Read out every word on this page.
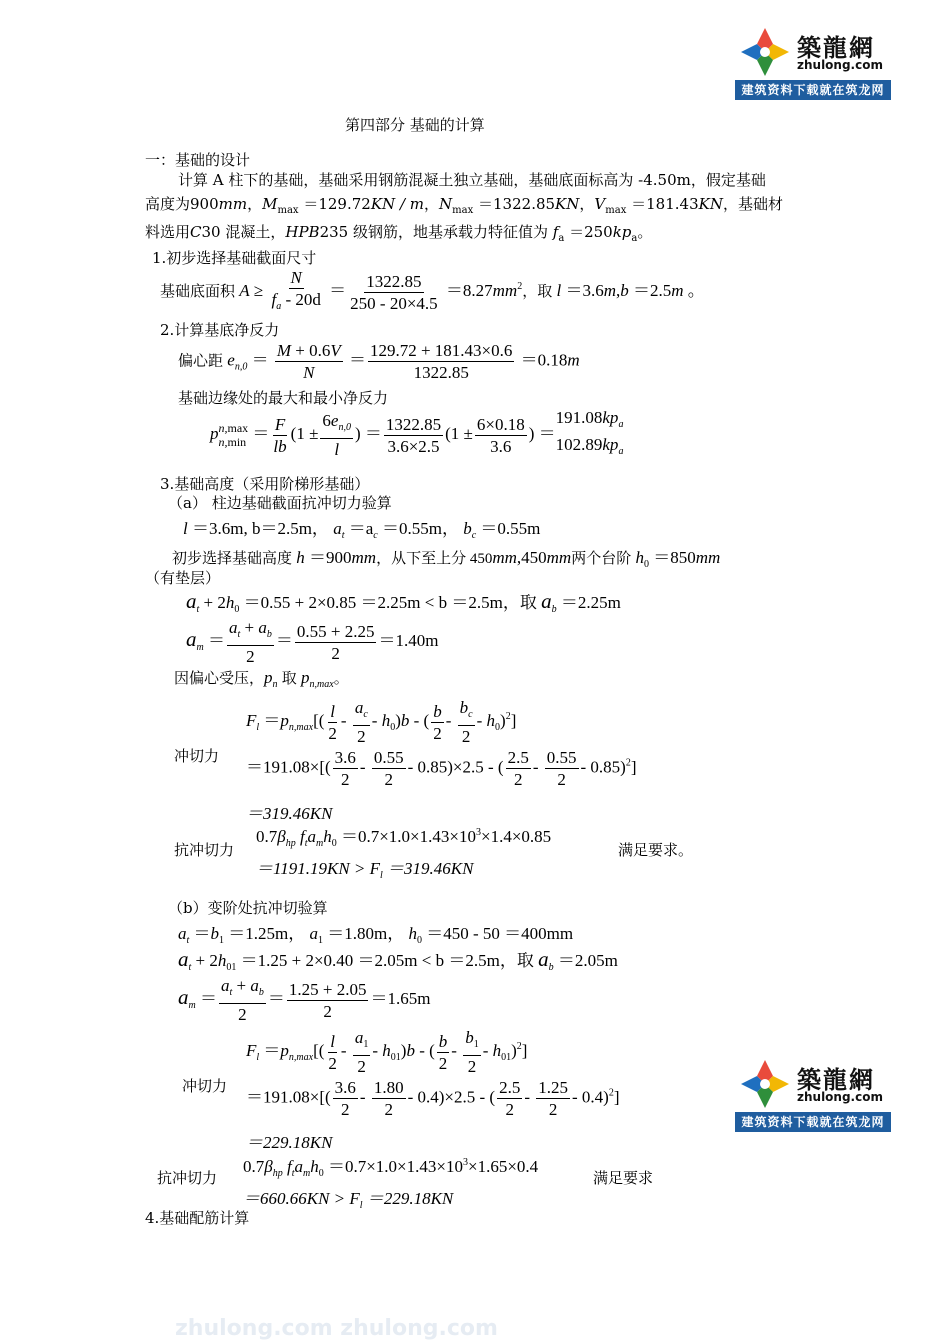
築龍網
zhulong.com
建筑资料下载就在筑龙网
第四部分 基础的计算
一：基础的设计
计算 A 柱下的基础，基础采用钢筋混凝土独立基础，基础底面标高为 -4.50m，假定基础
高度为900mm，$M_{max} =129.72KN / m$，$N_{max} =1322.85KN$，$V_{max} =181.43KN$，基础材
料选用C30 混凝土，HPB235 级钢筋，地基承载力特征值为 $f_a =250kp_a$。
1.初步选择基础截面尺寸
基础底面积 $A \ge \frac{N}{f_a - 20d} = \frac{1322.85}{250 - 20\times 4.5} =8.27mm^2$，取 l ＝3.6m,b ＝2.5m 。
2.计算基底净反力
偏心距 $e_{n,0} = \frac{M + 0.6V}{N} = \frac{129.72 + 181.43\times 0.6}{1322.85} =0.18m$
基础边缘处的最大和最小净反力
p n,
n,
max
$\min = \frac{F}{lb} (1 \pm \frac{6e_{n,0}}{l}$ ) ＝ $\frac{1322.85}{3.6\times 2.5} (1 \pm \frac{6\times 0.18}{3.6}$ ) ＝
$191.08kp_a$
$102.89kp_a$
3.基础高度（采用阶梯形基础）
（a） 柱边基础截面抗冲切力验算
l ＝3.6m, b＝2.5m， $a_t =a_c =0.55m$， $b_c =0.55m$
初步选择基础高度 h ＝900mm，从下至上分 450mm,450mm两个台阶 $h_0 =850mm$
（有垫层）
$a_t + 2h_0 =0.55 + 2\times 0.85 =2.25m < b =2.5m$，取 $a_b =2.25m$
$a_m = \frac{a_t + a_b}{2} = \frac{0.55 + 2.25}{2} =1.40m$
因偏心受压，$p_n$ 取 $p_{n,max}$。
$F_l =p_{n,max}[( \frac{l}{2} - \frac{a_c}{2} - h_0)b$ - ( $\frac{b}{2} - \frac{b_c}{2} - h_0)^2$]
冲切力
$=191.08\times[( \frac{3.6}{2} - \frac{0.55}{2} - 0.85)\times 2.5$ - ( $\frac{2.5}{2} - \frac{0.55}{2} - 0.85)^2$]
＝319.46KN
$0.7\beta_{hp}$ $f_ta_mh_0 =0.7\times 1.0\times 1.43\times 10^3\times 1.4\times 0.85$
抗冲切力
$=1191.19KN > F_l =319.46KN$
满足要求。
（b）变阶处抗冲切验算
$a_t =b_1 =1.25m$， $a_1 =1.80m$， $h_0 =450 - 50 =400mm$
$a_t + 2h_{01} =1.25 + 2\times 0.40 =2.05m < b =2.5m$，取 $a_b =2.05m$
$a_m = \frac{a_t + a_b}{2} = \frac{1.25 + 2.05}{2} =1.65m$
$F_l =p_{n,max}[( \frac{l}{2} - \frac{a_1}{2} - h_{01})b$ - ( $\frac{b}{2} - \frac{b_1}{2} - h_{01})^2$]
冲切力
$=191.08\times[( \frac{3.6}{2} - \frac{1.80}{2} - 0.4)\times 2.5$ - ( $\frac{2.5}{2} - \frac{1.25}{2} - 0.4)^2$]
＝229.18KN
$0.7\beta_{hp}$ $f_ta_mh_0 =0.7\times 1.0\times 1.43\times 10^3\times 1.65\times 0.4$
抗冲切力
$=660.66KN > F_l =229.18KN$
满足要求
4.基础配筋计算
築龍網
zhulong.com
建筑资料下载就在筑龙网
zhulong.com zhulong.com
